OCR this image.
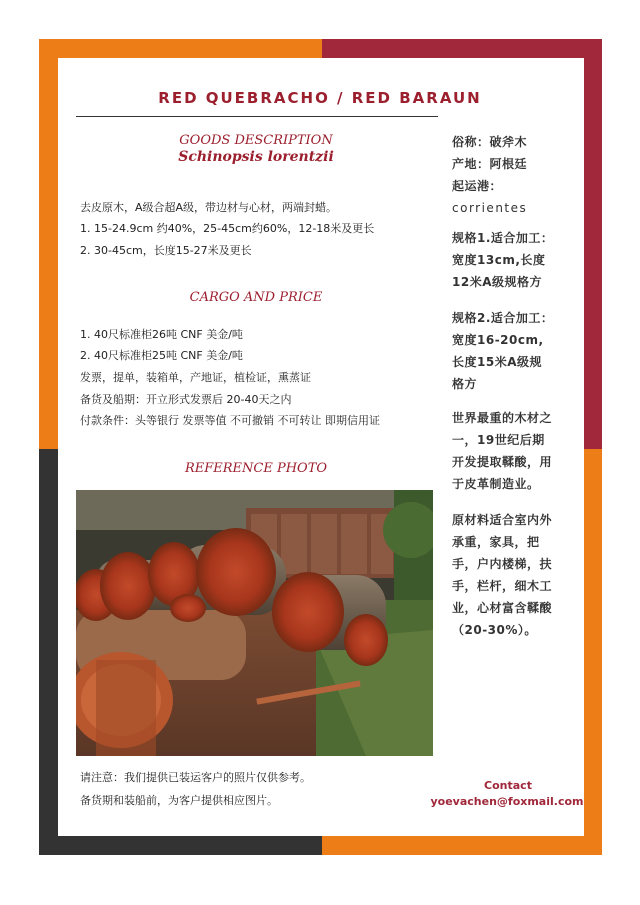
RED QUEBRACHO / RED BARAUN
GOODS DESCRIPTION
Schinopsis lorentzii
去皮原木，A级合超A级，带边材与心材，两端封蜡。
1. 15-24.9cm 约40%，25-45cm约60%，12-18米及更长
2. 30-45cm，长度15-27米及更长
CARGO AND PRICE
1. 40尺标准柜26吨 CNF 美金/吨
2. 40尺标准柜25吨 CNF 美金/吨
发票，提单，装箱单，产地证，植检证，熏蒸证
备货及船期：开立形式发票后 20-40天之内
付款条件：头等银行 发票等值 不可撤销 不可转让 即期信用证
REFERENCE PHOTO
请注意：我们提供已装运客户的照片仅供参考。
备货期和装船前，为客户提供相应图片。
俗称：破斧木
产地：阿根廷
起运港：
corrientes
规格1.适合加工：
宽度13cm,长度
12米A级规格方
规格2.适合加工：
宽度16-20cm,
长度15米A级规
格方
世界最重的木材之
一，19世纪后期
开发提取鞣酸，用
于皮革制造业。
原材料适合室内外
承重，家具，把
手，户内楼梯，扶
手，栏杆，细木工
业，心材富含鞣酸
（20-30%）。
Contact
yoevachen@foxmail.com
